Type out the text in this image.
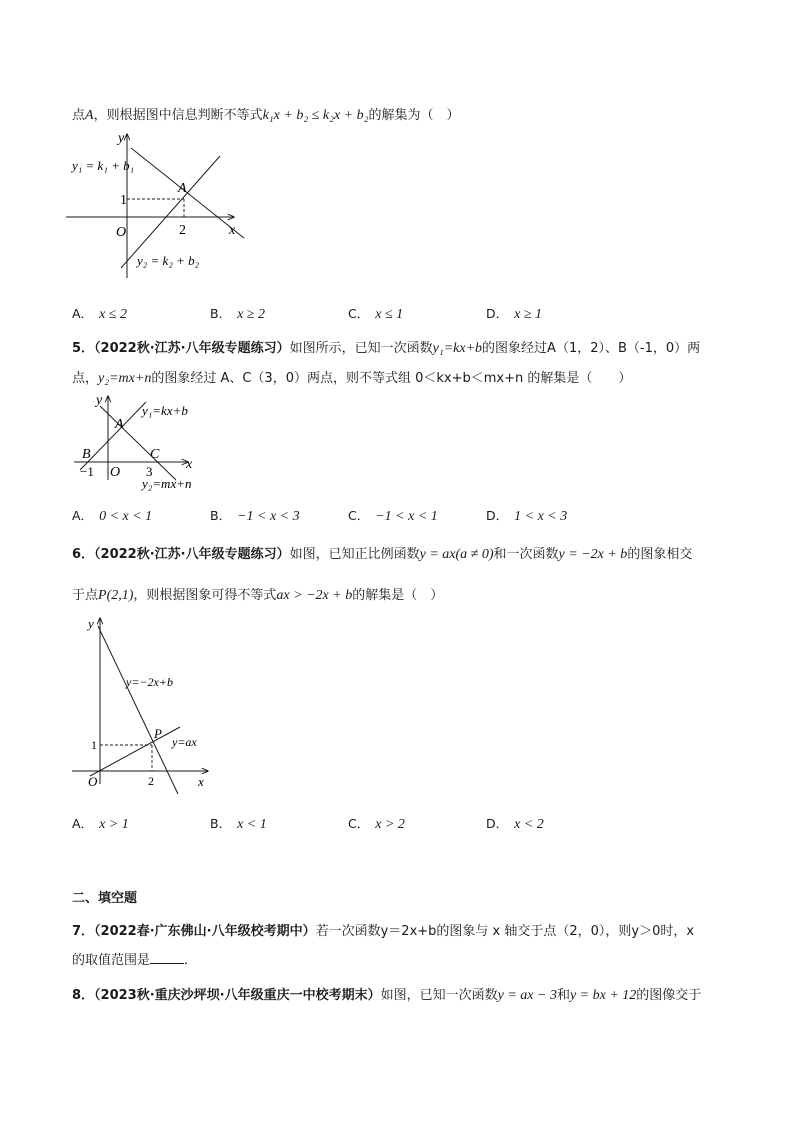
点A，则根据图中信息判断不等式k₁x + b₂ ≤ k₂x + b₂的解集为（　）
y
x
O
1
2
A
y₁ = k₁ + b₁
y₂ = k₂ + b₂
A． x ≤ 2	B． x ≥ 2	C． x ≤ 1	D． x ≥ 1
5．（2022秋·江苏·八年级专题练习）如图所示，已知一次函数y₁=kx+b的图象经过A（1，2）、B（-1，0）两
点，y₂=mx+n的图象经过 A、C（3，0）两点，则不等式组 0＜kx+b＜mx+n 的解集是（　　）
y
x
O
A
B	C
−1	3
y₁=kx+b
y₂=mx+n
A． 0 < x < 1	B． −1 < x < 3	C． −1 < x < 1	D． 1 < x < 3
6．（2022秋·江苏·八年级专题练习）如图，已知正比例函数y = ax(a ≠ 0)和一次函数y = −2x + b的图象相交
于点P(2,1)，则根据图象可得不等式ax > −2x + b的解集是（　）
y
x
O
P
1
2
y=−2x+b
y=ax
A． x > 1	B． x < 1	C． x > 2	D． x < 2
二、填空题
7．（2022春·广东佛山·八年级校考期中）若一次函数y＝2x+b的图象与 x 轴交于点（2，0），则y＞0时，x
的取值范围是	．
8．（2023秋·重庆沙坪坝·八年级重庆一中校考期末）如图，已知一次函数y = ax − 3和y = bx + 12的图像交于
